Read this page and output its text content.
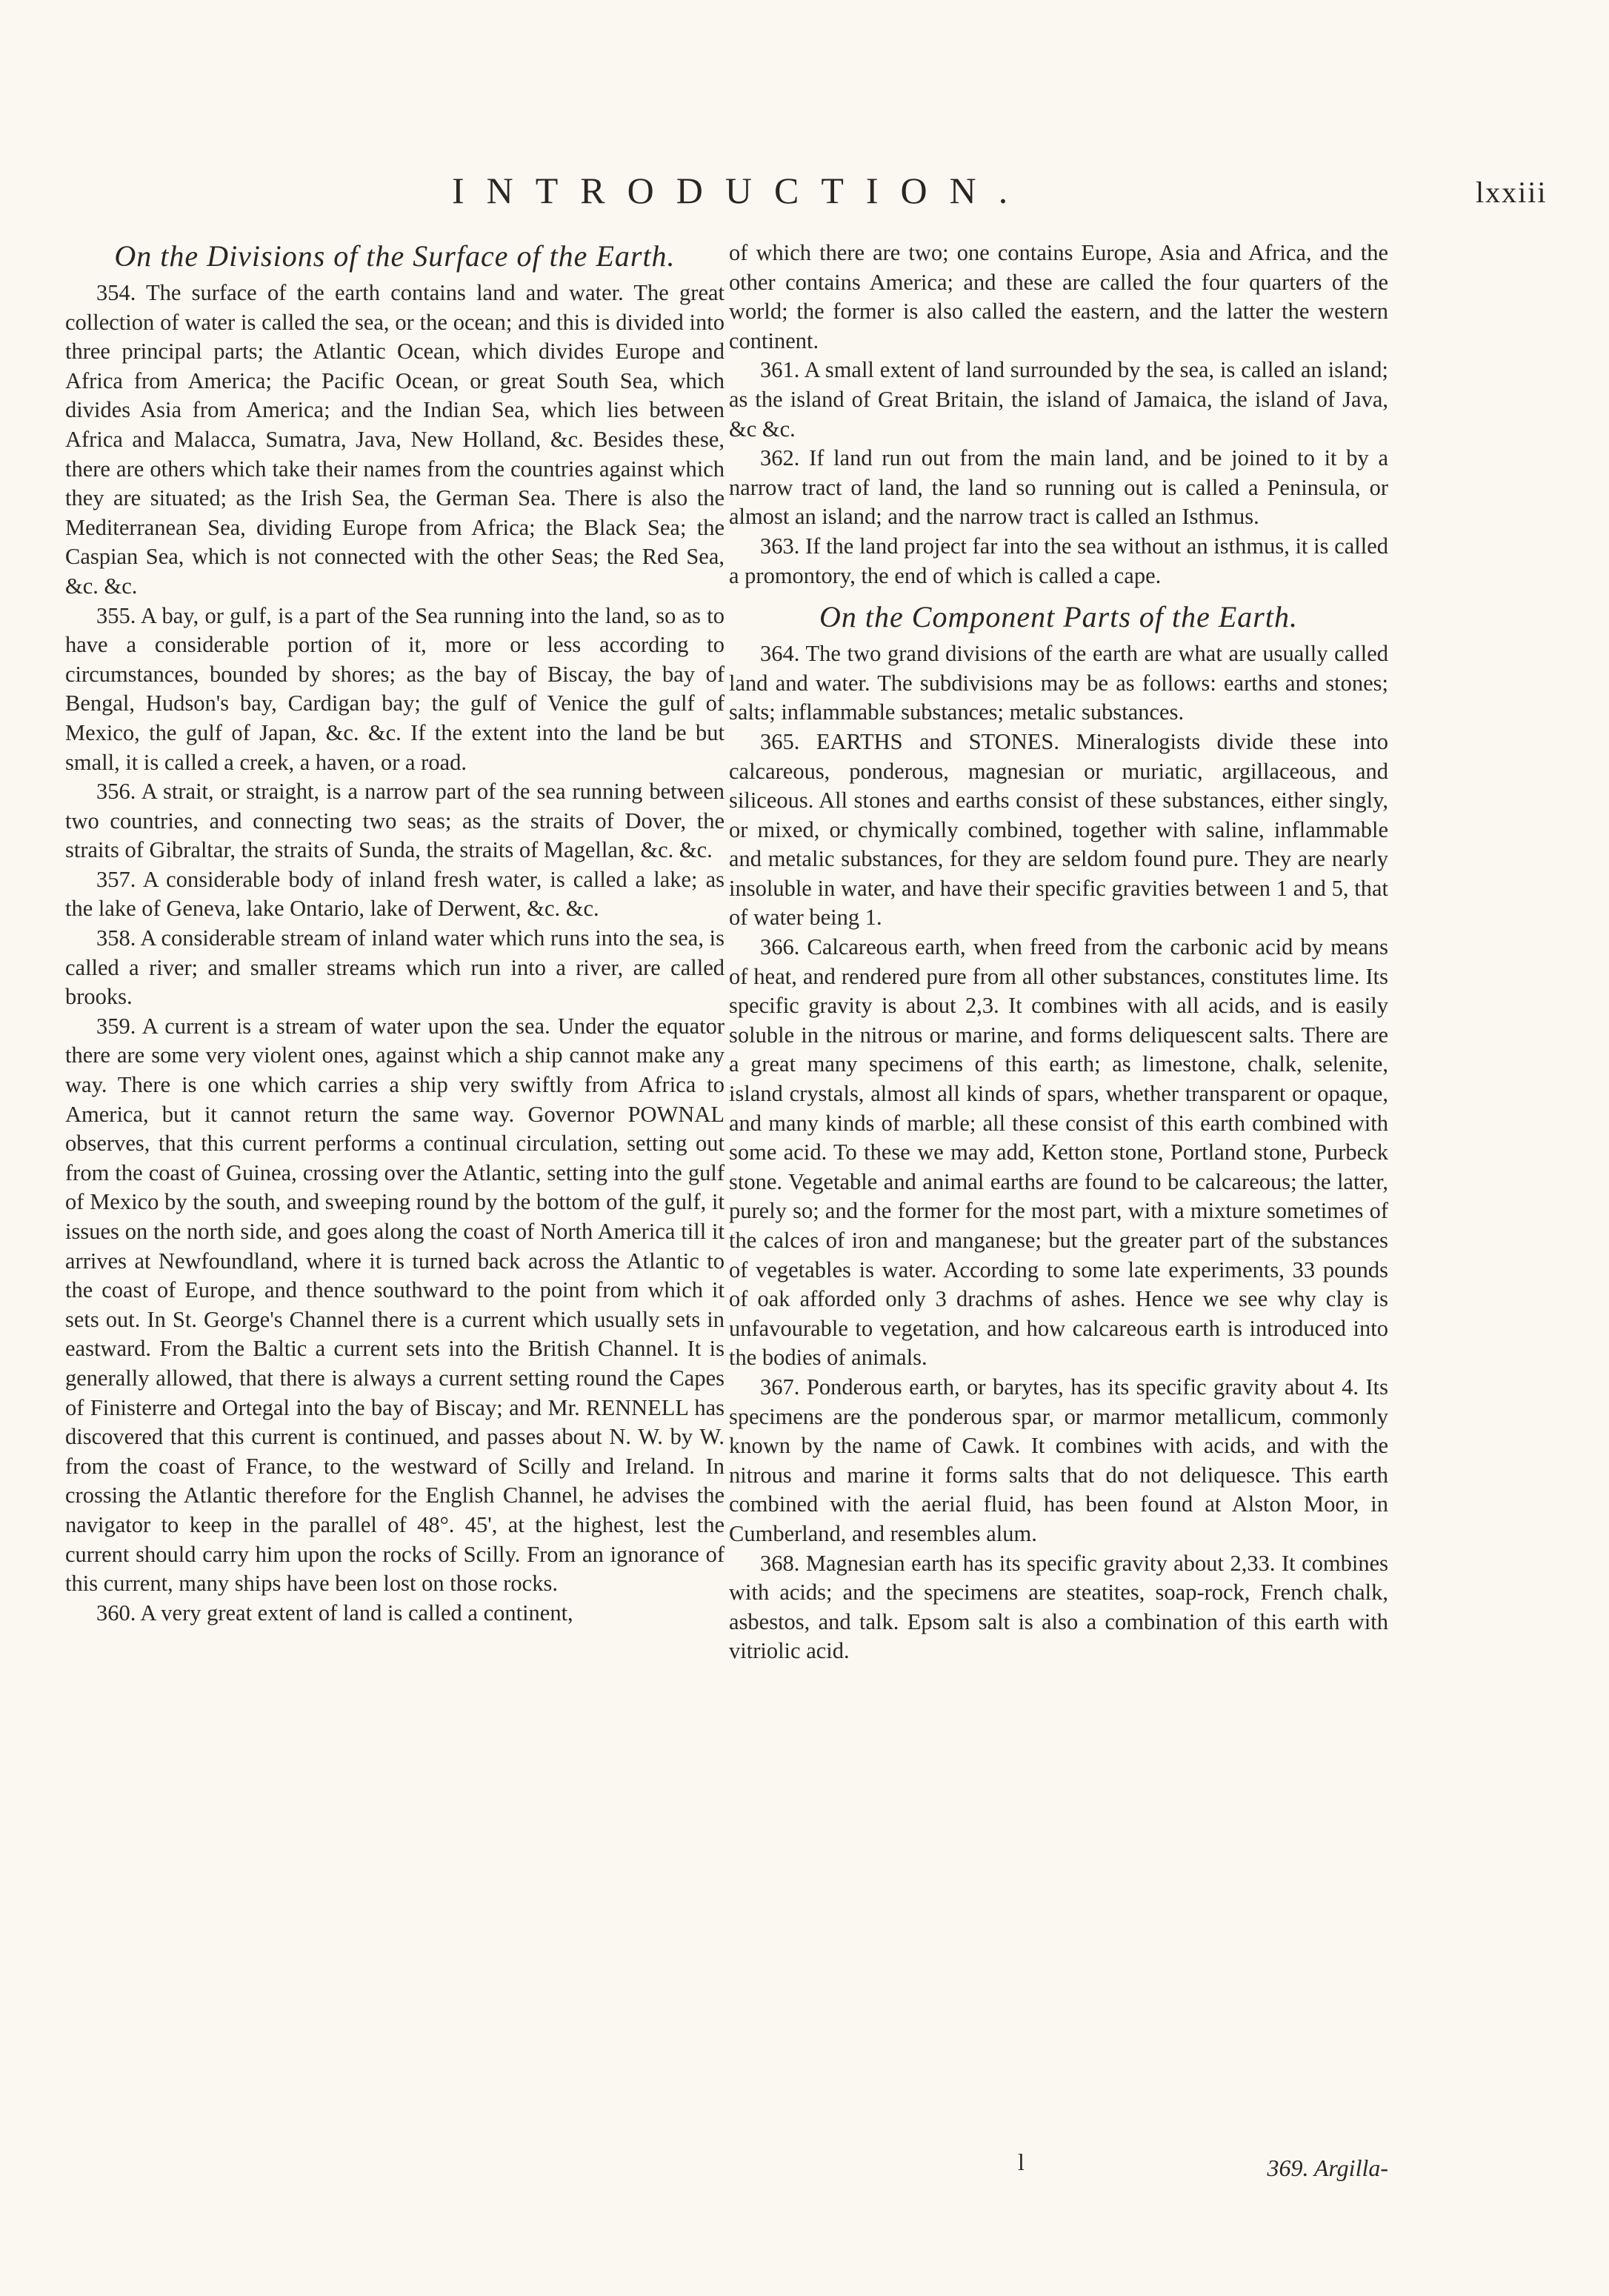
INTRODUCTION.	lxxiii
On the Divisions of the Surface of the Earth.

354. The surface of the earth contains land and water. The great collection of water is called the sea, or the ocean; and this is divided into three principal parts; the Atlantic Ocean, which divides Europe and Africa from America; the Pacific Ocean, or great South Sea, which divides Asia from America; and the Indian Sea, which lies between Africa and Malacca, Sumatra, Java, New Holland, &c. Besides these, there are others which take their names from the countries against which they are situated; as the Irish Sea, the German Sea. There is also the Mediterranean Sea, dividing Europe from Africa; the Black Sea; the Caspian Sea, which is not connected with the other Seas; the Red Sea, &c. &c.

355. A bay, or gulf, is a part of the Sea running into the land, so as to have a considerable portion of it, more or less according to circumstances, bounded by shores; as the bay of Biscay, the bay of Bengal, Hudson's bay, Cardigan bay; the gulf of Venice the gulf of Mexico, the gulf of Japan, &c. &c. If the extent into the land be but small, it is called a creek, a haven, or a road.

356. A strait, or straight, is a narrow part of the sea running between two countries, and connecting two seas; as the straits of Dover, the straits of Gibraltar, the straits of Sunda, the straits of Magellan, &c. &c.

357. A considerable body of inland fresh water, is called a lake; as the lake of Geneva, lake Ontario, lake of Derwent, &c. &c.

358. A considerable stream of inland water which runs into the sea, is called a river; and smaller streams which run into a river, are called brooks.

359. A current is a stream of water upon the sea. Under the equator there are some very violent ones, against which a ship cannot make any way. There is one which carries a ship very swiftly from Africa to America, but it cannot return the same way. Governor POWNAL observes, that this current performs a continual circulation, setting out from the coast of Guinea, crossing over the Atlantic, setting into the gulf of Mexico by the south, and sweeping round by the bottom of the gulf, it issues on the north side, and goes along the coast of North America till it arrives at Newfoundland, where it is turned back across the Atlantic to the coast of Europe, and thence southward to the point from which it sets out. In St. George's Channel there is a current which usually sets in eastward. From the Baltic a current sets into the British Channel. It is generally allowed, that there is always a current setting round the Capes of Finisterre and Ortegal into the bay of Biscay; and Mr. RENNELL has discovered that this current is continued, and passes about N. W. by W. from the coast of France, to the westward of Scilly and Ireland. In crossing the Atlantic therefore for the English Channel, he advises the navigator to keep in the parallel of 48°. 45', at the highest, lest the current should carry him upon the rocks of Scilly. From an ignorance of this current, many ships have been lost on those rocks.

360. A very great extent of land is called a continent,

of which there are two; one contains Europe, Asia and Africa, and the other contains America; and these are called the four quarters of the world; the former is also called the eastern, and the latter the western continent.

361. A small extent of land surrounded by the sea, is called an island; as the island of Great Britain, the island of Jamaica, the island of Java, &c &c.

362. If land run out from the main land, and be joined to it by a narrow tract of land, the land so running out is called a Peninsula, or almost an island; and the narrow tract is called an Isthmus.

363. If the land project far into the sea without an isthmus, it is called a promontory, the end of which is called a cape.

On the Component Parts of the Earth.

364. The two grand divisions of the earth are what are usually called land and water. The subdivisions may be as follows: earths and stones; salts; inflammable substances; metalic substances.

365. EARTHS and STONES. Mineralogists divide these into calcareous, ponderous, magnesian or muriatic, argillaceous, and siliceous. All stones and earths consist of these substances, either singly, or mixed, or chymically combined, together with saline, inflammable and metalic substances, for they are seldom found pure. They are nearly insoluble in water, and have their specific gravities between 1 and 5, that of water being 1.

366. Calcareous earth, when freed from the carbonic acid by means of heat, and rendered pure from all other substances, constitutes lime. Its specific gravity is about 2,3. It combines with all acids, and is easily soluble in the nitrous or marine, and forms deliquescent salts. There are a great many specimens of this earth; as limestone, chalk, selenite, island crystals, almost all kinds of spars, whether transparent or opaque, and many kinds of marble; all these consist of this earth combined with some acid. To these we may add, Ketton stone, Portland stone, Purbeck stone. Vegetable and animal earths are found to be calcareous; the latter, purely so; and the former for the most part, with a mixture sometimes of the calces of iron and manganese; but the greater part of the substances of vegetables is water. According to some late experiments, 33 pounds of oak afforded only 3 drachms of ashes. Hence we see why clay is unfavourable to vegetation, and how calcareous earth is introduced into the bodies of animals.

367. Ponderous earth, or barytes, has its specific gravity about 4. Its specimens are the ponderous spar, or marmor metallicum, commonly known by the name of Cawk. It combines with acids, and with the nitrous and marine it forms salts that do not deliquesce. This earth combined with the aerial fluid, has been found at Alston Moor, in Cumberland, and resembles alum.

368. Magnesian earth has its specific gravity about 2,33. It combines with acids; and the specimens are steatites, soap-rock, French chalk, asbestos, and talk. Epsom salt is also a combination of this earth with vitriolic acid.

l	369. Argilla-
